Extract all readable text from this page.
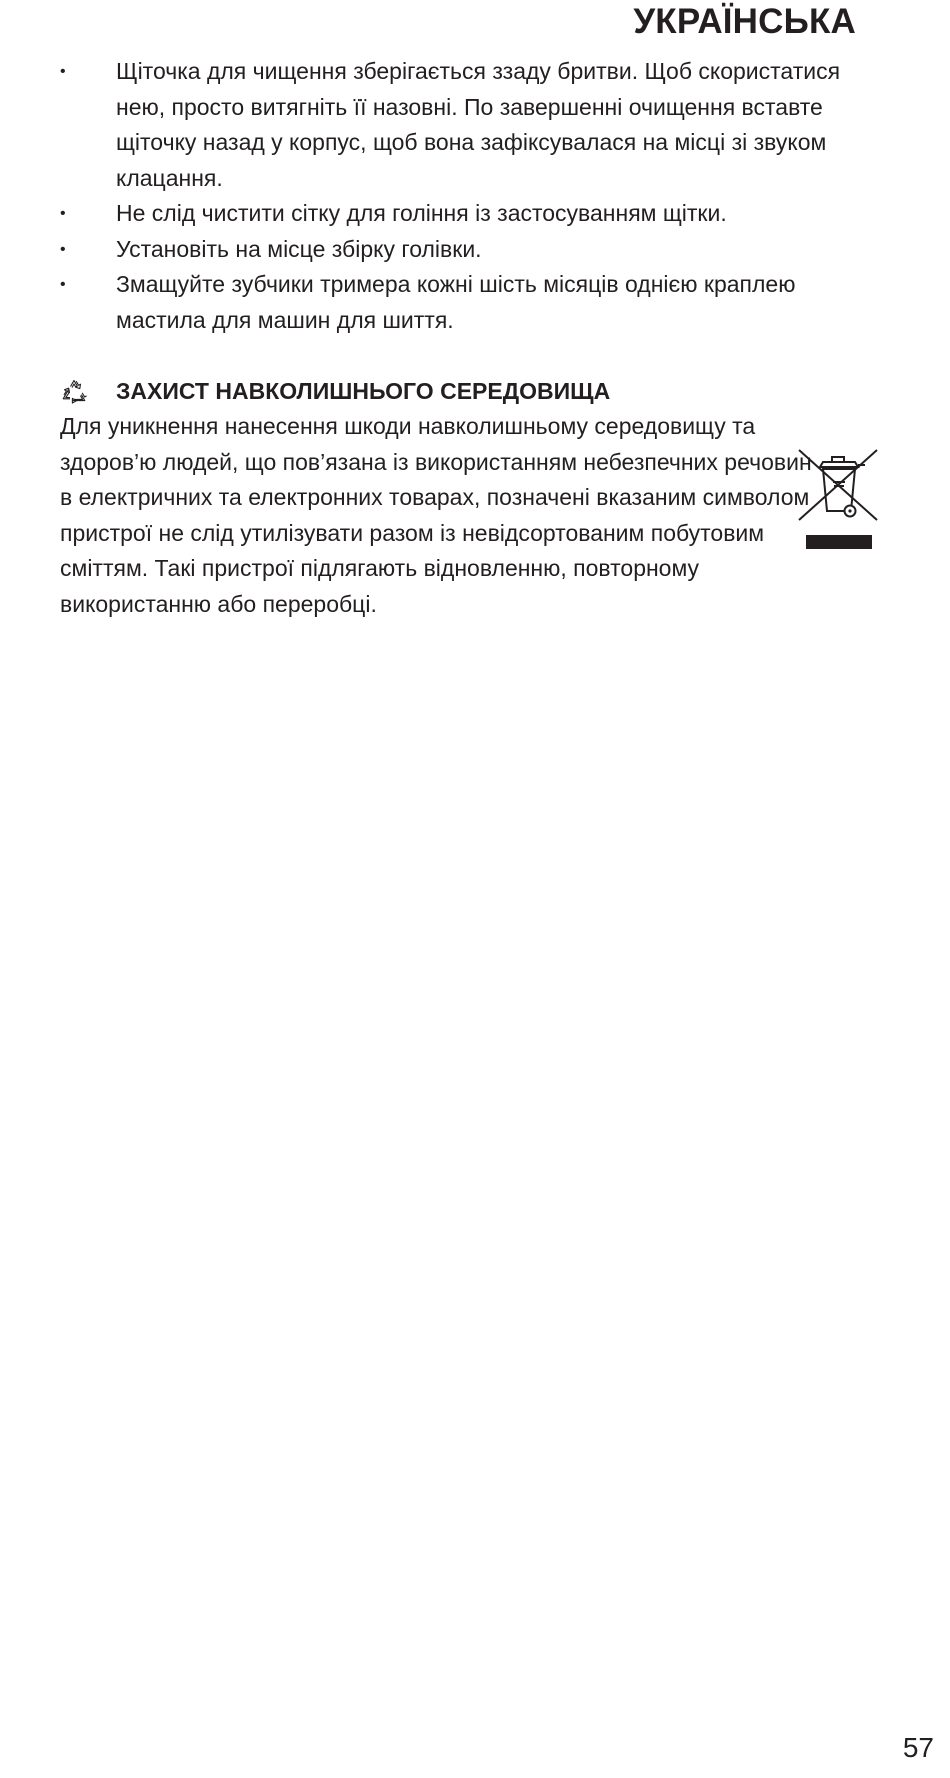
УКРАЇНСЬКА
•	Щіточка для чищення зберігається ззаду бритви. Щоб скористатися нею, просто витягніть її назовні. По завершенні очищення вставте щіточку назад у корпус, щоб вона зафіксувалася на місці зі звуком клацання.
•	Не слід чистити сітку для гоління із застосуванням щітки.
•	Установіть на місце збірку голівки.
•	Змащуйте зубчики тримера кожні шість місяців однією краплею мастила для машин для шиття.
ЗАХИСТ НАВКОЛИШНЬОГО СЕРЕДОВИЩА

Для уникнення нанесення шкоди навколишньому середовищу та здоров’ю людей, що пов’язана із використанням небезпечних речовин в електричних та електронних товарах, позначені вказаним символом пристрої не слід утилізувати разом із невідсортованим побутовим сміттям. Такі пристрої підлягають відновленню, повторному використанню або переробці.

57
